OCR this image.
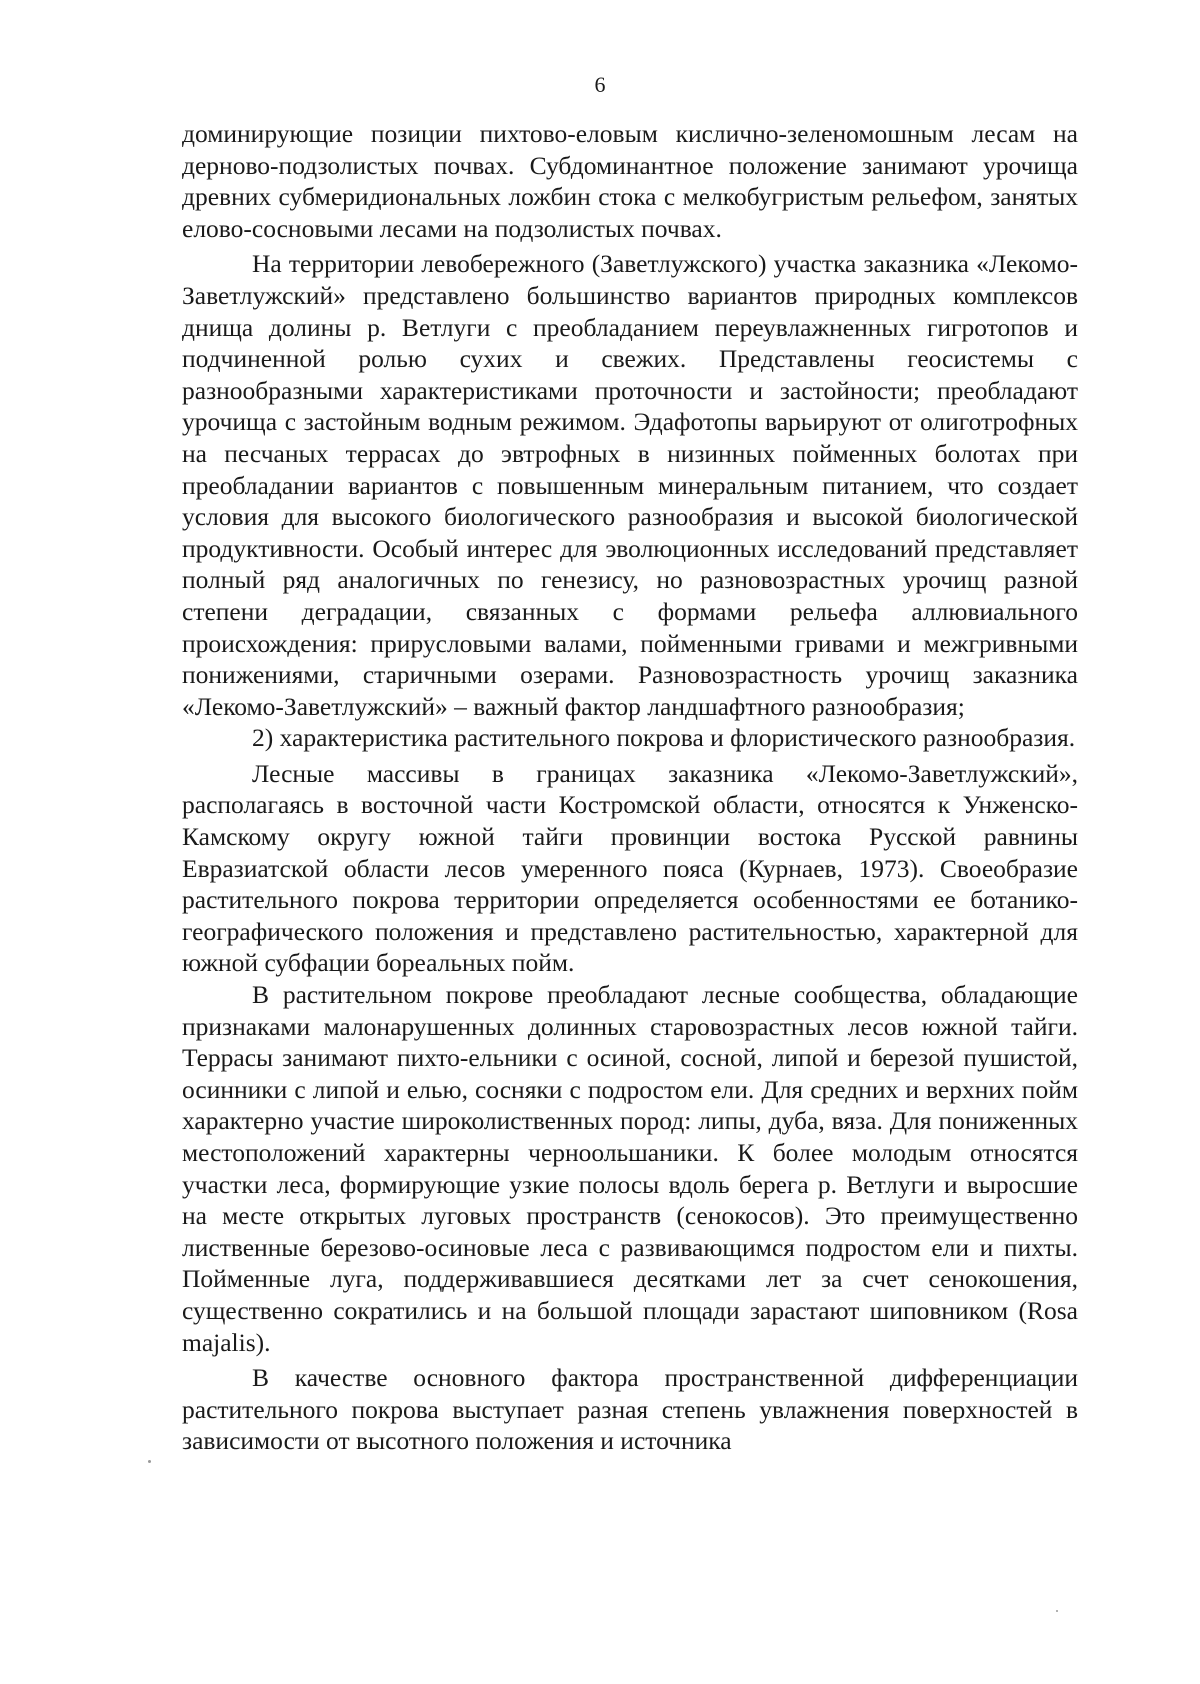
6

доминирующие позиции пихтово-еловым кислично-зеленомошным лесам на дерново-подзолистых почвах. Субдоминантное положение занимают урочища древних субмеридиональных ложбин стока с мелкобугристым рельефом, занятых елово-сосновыми лесами на подзолистых почвах.

На территории левобережного (Заветлужского) участка заказника «Лекомо-Заветлужский» представлено большинство вариантов природных комплексов днища долины р. Ветлуги с преобладанием переувлажненных гигротопов и подчиненной ролью сухих и свежих. Представлены геосистемы с разнообразными характеристиками проточности и застойности; преобладают урочища с застойным водным режимом. Эдафотопы варьируют от олиготрофных на песчаных террасах до эвтрофных в низинных пойменных болотах при преобладании вариантов с повышенным минеральным питанием, что создает условия для высокого биологического разнообразия и высокой биологической продуктивности. Особый интерес для эволюционных исследований представляет полный ряд аналогичных по генезису, но разновозрастных урочищ разной степени деградации, связанных с формами рельефа аллювиального происхождения: прирусловыми валами, пойменными гривами и межгривными понижениями, старичными озерами. Разновозрастность урочищ заказника «Лекомо-Заветлужский» – важный фактор ландшафтного разнообразия;

2) характеристика растительного покрова и флористического разнообразия.

Лесные массивы в границах заказника «Лекомо-Заветлужский», располагаясь в восточной части Костромской области, относятся к Унженско-Камскому округу южной тайги провинции востока Русской равнины Евразиатской области лесов умеренного пояса (Курнаев, 1973). Своеобразие растительного покрова территории определяется особенностями ее ботанико-географического положения и представлено растительностью, характерной для южной субфации бореальных пойм.

В растительном покрове преобладают лесные сообщества, обладающие признаками малонарушенных долинных старовозрастных лесов южной тайги. Террасы занимают пихто-ельники с осиной, сосной, липой и березой пушистой, осинники с липой и елью, сосняки с подростом ели. Для средних и верхних пойм характерно участие широколиственных пород: липы, дуба, вяза. Для пониженных местоположений характерны черноольшаники. К более молодым относятся участки леса, формирующие узкие полосы вдоль берега р. Ветлуги и выросшие на месте открытых луговых пространств (сенокосов). Это преимущественно лиственные березово-осиновые леса с развивающимся подростом ели и пихты. Пойменные луга, поддерживавшиеся десятками лет за счет сенокошения, существенно сократились и на большой площади зарастают шиповником (Rosa majalis).

В качестве основного фактора пространственной дифференциации растительного покрова выступает разная степень увлажнения поверхностей в зависимости от высотного положения и источника
